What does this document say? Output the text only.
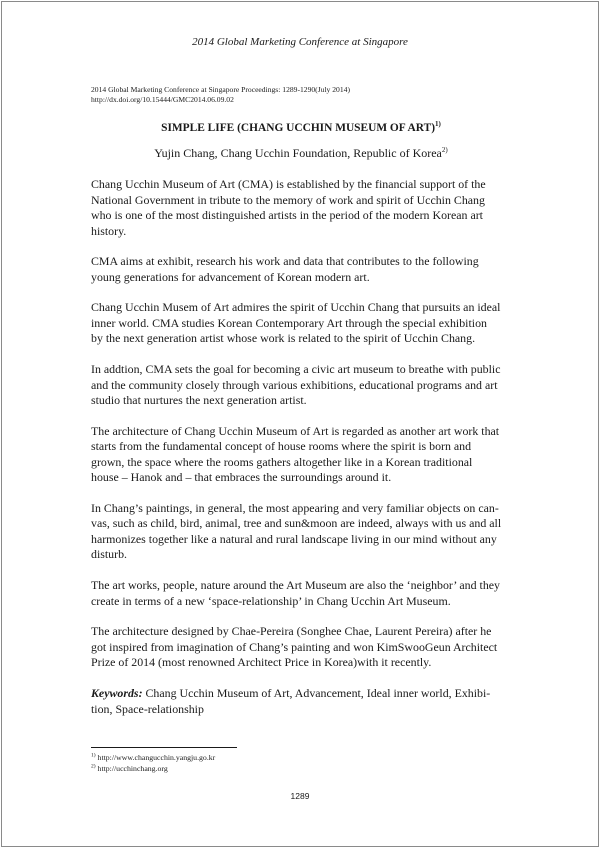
2014 Global Marketing Conference at Singapore
2014 Global Marketing Conference at Singapore Proceedings: 1289-1290(July 2014)
http://dx.doi.org/10.15444/GMC2014.06.09.02
SIMPLE LIFE (CHANG UCCHIN MUSEUM OF ART)$^{1)}$
Yujin Chang, Chang Ucchin Foundation, Republic of Korea$^{2)}$

Chang Ucchin Museum of Art (CMA) is established by the financial support of the
National Government in tribute to the memory of work and spirit of Ucchin Chang
who is one of the most distinguished artists in the period of the modern Korean art
history.

CMA aims at exhibit, research his work and data that contributes to the following
young generations for advancement of Korean modern art.

Chang Ucchin Musem of Art admires the spirit of Ucchin Chang that pursuits an ideal
inner world. CMA studies Korean Contemporary Art through the special exhibition
by the next generation artist whose work is related to the spirit of Ucchin Chang.

In addtion, CMA sets the goal for becoming a civic art museum to breathe with public
and the community closely through various exhibitions, educational programs and art
studio that nurtures the next generation artist.

The architecture of Chang Ucchin Museum of Art is regarded as another art work that
starts from the fundamental concept of house rooms where the spirit is born and
grown, the space where the rooms gathers altogether like in a Korean traditional
house – Hanok and – that embraces the surroundings around it.

In Chang’s paintings, in general, the most appearing and very familiar objects on can-
vas, such as child, bird, animal, tree and sun&moon are indeed, always with us and all
harmonizes together like a natural and rural landscape living in our mind without any
disturb.

The art works, people, nature around the Art Museum are also the ‘neighbor’ and they
create in terms of a new ‘space-relationship’ in Chang Ucchin Art Museum.

The architecture designed by Chae-Pereira (Songhee Chae, Laurent Pereira) after he
got inspired from imagination of Chang’s painting and won KimSwooGeun Architect
Prize of 2014 (most renowned Architect Price in Korea)with it recently.

Keywords: Chang Ucchin Museum of Art, Advancement, Ideal inner world, Exhibi-
tion, Space-relationship

$^{1)}$ http://www.changucchin.yangju.go.kr
$^{2)}$ http://ucchinchang.org
1289
